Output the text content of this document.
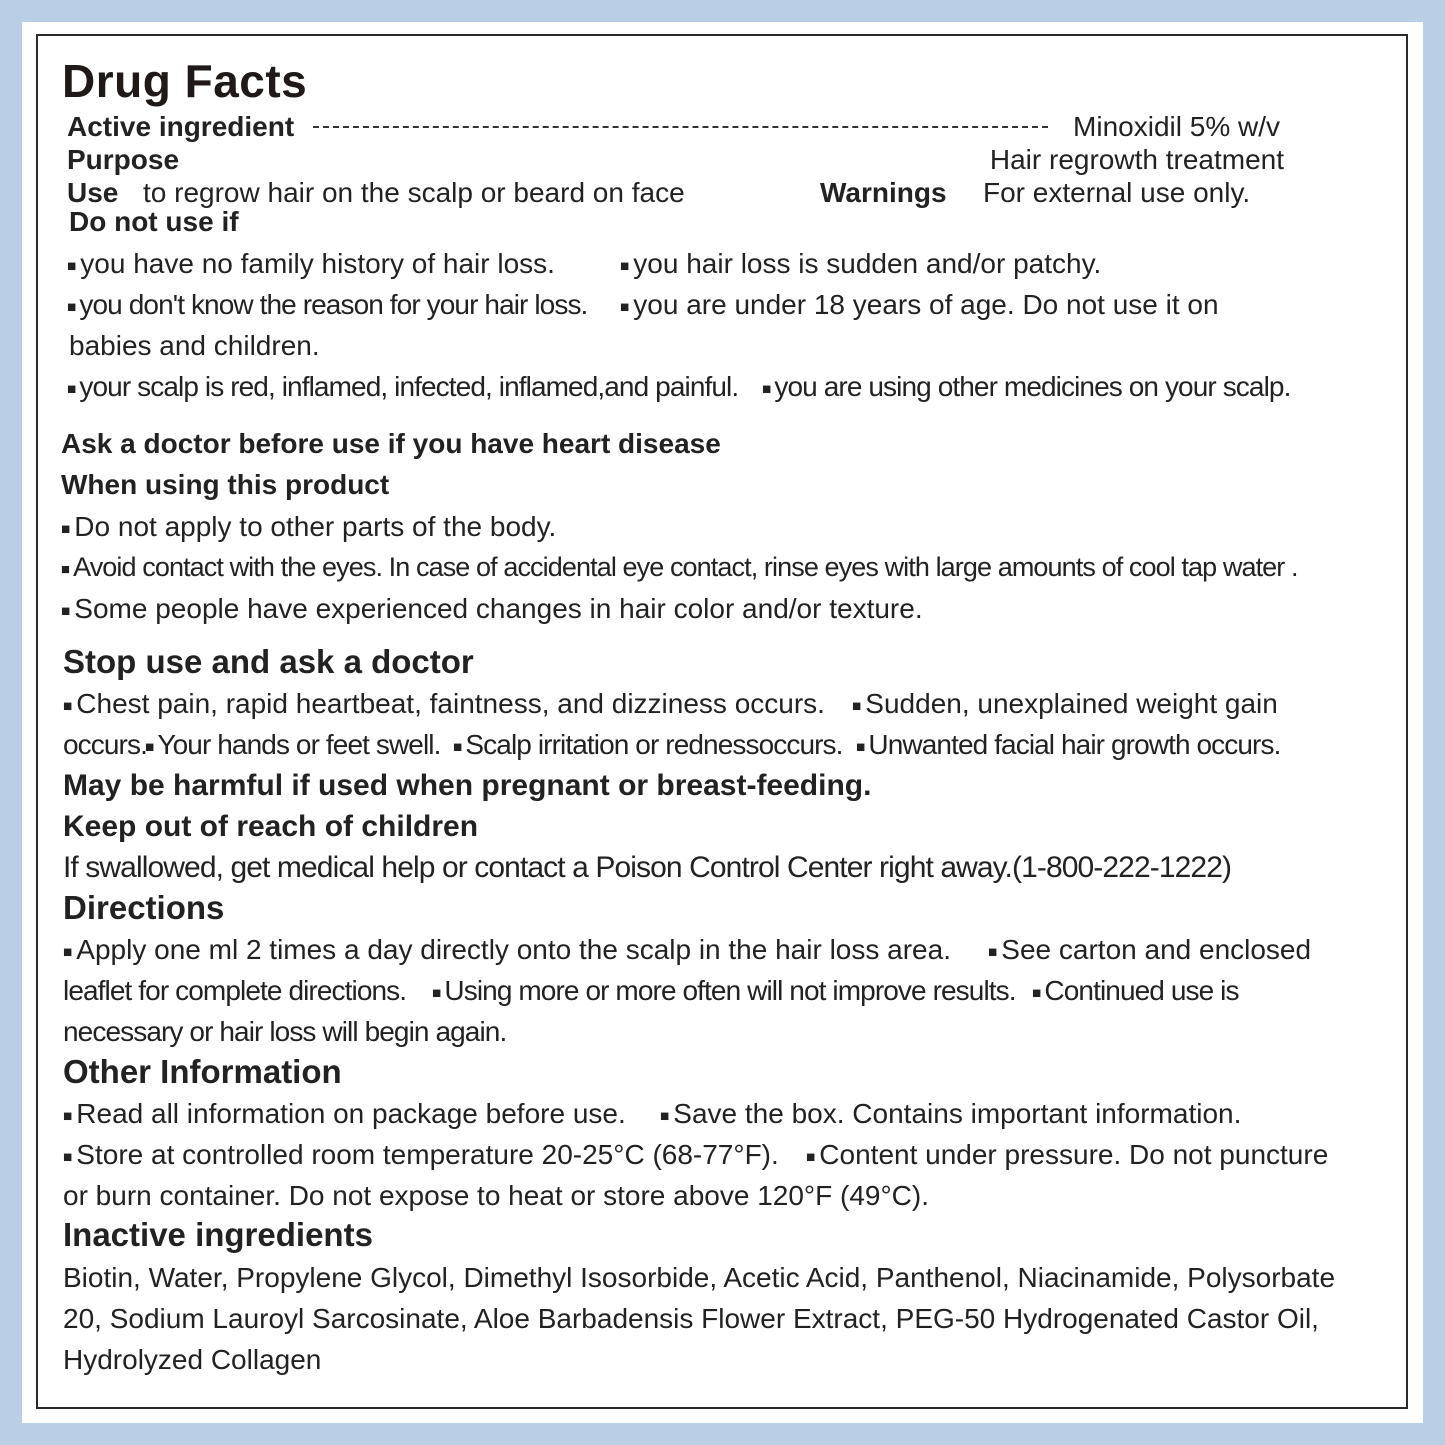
Drug Facts
Active ingredient	Minoxidil 5% w/v
Purpose	Hair regrowth treatment
Use to regrow hair on the scalp or beard on face	Warnings For external use only.
Do not use if
■ you have no family history of hair loss.	■ you hair loss is sudden and/or patchy.
■ you don't know the reason for your hair loss.	■ you are under 18 years of age. Do not use it on
babies and children.
■ your scalp is red, inflamed, infected, inflamed,and painful.	■ you are using other medicines on your scalp.
Ask a doctor before use if you have heart disease
When using this product
■ Do not apply to other parts of the body.
■ Avoid contact with the eyes. In case of accidental eye contact, rinse eyes with large amounts of cool tap water .
■ Some people have experienced changes in hair color and/or texture.
Stop use and ask a doctor
■ Chest pain, rapid heartbeat, faintness, and dizziness occurs.	■ Sudden, unexplained weight gain
occurs. ■ Your hands or feet swell. ■ Scalp irritation or rednessoccurs. ■ Unwanted facial hair growth occurs.
May be harmful if used when pregnant or breast-feeding.
Keep out of reach of children
If swallowed, get medical help or contact a Poison Control Center right away.(1-800-222-1222)
Directions
■ Apply one ml 2 times a day directly onto the scalp in the hair loss area.	■ See carton and enclosed
leaflet for complete directions.	■ Using more or more often will not improve results.	■ Continued use is
necessary or hair loss will begin again.
Other Information
■ Read all information on package before use.	■ Save the box. Contains important information.
■ Store at controlled room temperature 20-25°C (68-77°F).	■ Content under pressure. Do not puncture
or burn container. Do not expose to heat or store above 120°F (49°C).
Inactive ingredients
Biotin, Water, Propylene Glycol, Dimethyl Isosorbide, Acetic Acid, Panthenol, Niacinamide, Polysorbate
20, Sodium Lauroyl Sarcosinate, Aloe Barbadensis Flower Extract, PEG-50 Hydrogenated Castor Oil,
Hydrolyzed Collagen
